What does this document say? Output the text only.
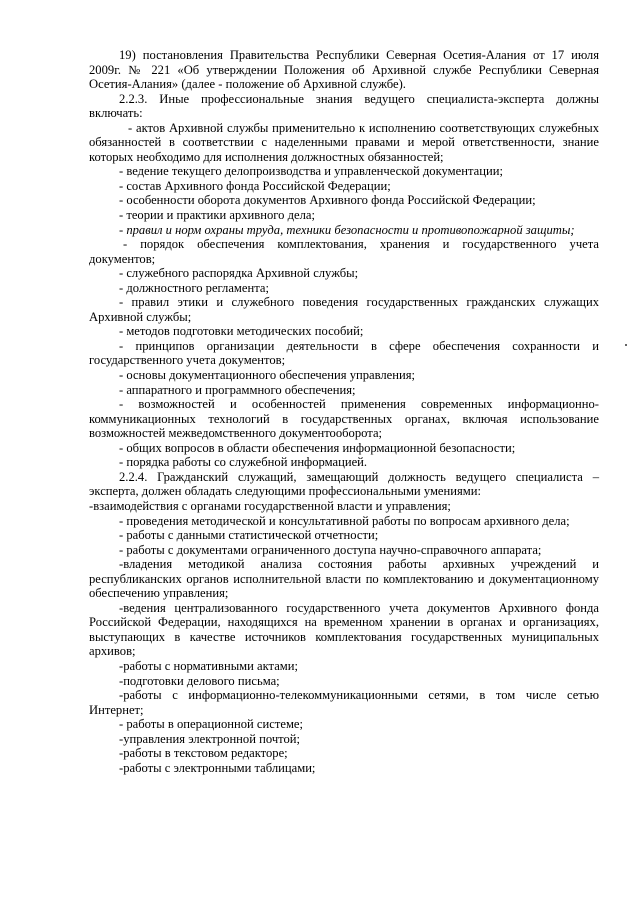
19) постановления Правительства Республики Северная Осетия-Алания от 17 июля 2009г. № 221 «Об утверждении Положения об Архивной службе Республики Северная Осетия-Алания» (далее - положение об Архивной службе).

2.2.3. Иные профессиональные знания ведущего специалиста-эксперта должны включать:

- актов Архивной службы применительно к исполнению соответствующих служебных обязанностей в соответствии с наделенными правами и мерой ответственности, знание которых необходимо для исполнения должностных обязанностей;

- ведение текущего делопроизводства и управленческой документации;

- состав Архивного фонда Российской Федерации;

- особенности оборота документов Архивного фонда Российской Федерации;

- теории и практики архивного дела;

- правил и норм охраны труда, техники безопасности и противопожарной защиты;

- порядок обеспечения комплектования, хранения и государственного учета документов;

- служебного распорядка Архивной службы;

- должностного регламента;

- правил этики и служебного поведения государственных гражданских служащих Архивной службы;

- методов подготовки методических пособий;

- принципов организации деятельности в сфере обеспечения сохранности и государственного учета документов;

- основы документационного обеспечения управления;

- аппаратного и программного обеспечения;

- возможностей и особенностей применения современных информационно-коммуникационных технологий в государственных органах, включая использование возможностей межведомственного документооборота;

- общих вопросов в области обеспечения информационной безопасности;

- порядка работы со служебной информацией.

2.2.4. Гражданский служащий, замещающий должность ведущего специалиста – эксперта, должен обладать следующими профессиональными умениями:

-взаимодействия с органами государственной власти и управления;

- проведения методической и консультативной работы по вопросам архивного дела;

- работы с данными статистической отчетности;

- работы с документами ограниченного доступа научно-справочного аппарата;

-владения методикой анализа состояния работы архивных учреждений и республиканских органов исполнительной власти по комплектованию и документационному обеспечению управления;

-ведения централизованного государственного учета документов Архивного фонда Российской Федерации, находящихся на временном хранении в органах и организациях, выступающих в качестве источников комплектования государственных муниципальных архивов;

-работы с нормативными актами;

-подготовки делового письма;

-работы с информационно-телекоммуникационными сетями, в том числе сетью Интернет;

- работы в операционной системе;

-управления электронной почтой;

-работы в текстовом редакторе;

-работы с электронными таблицами;
